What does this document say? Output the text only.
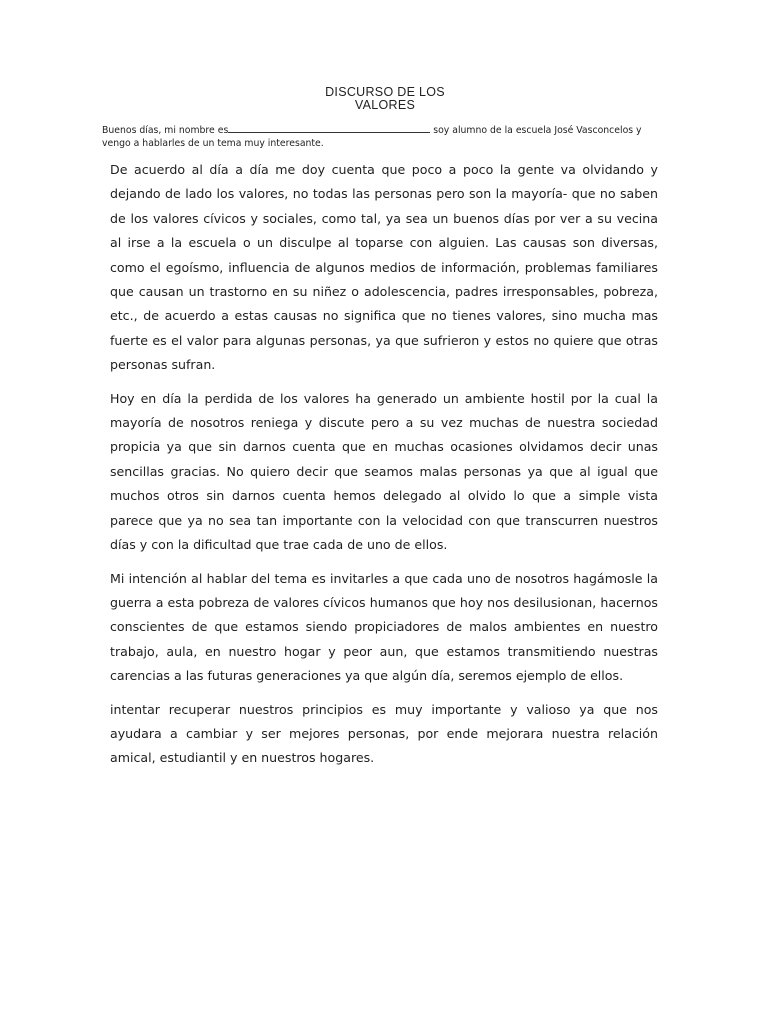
DISCURSO DE LOS
VALORES
Buenos días, mi nombre es	soy alumno de la escuela José Vasconcelos y vengo a hablarles de un tema muy interesante.

De acuerdo al día a día me doy cuenta que poco a poco la gente va olvidando y dejando de lado los valores, no todas las personas pero son la mayoría- que no saben de los valores cívicos y sociales, como tal, ya sea un buenos días por ver a su vecina al irse a la escuela o un disculpe al toparse con alguien. Las causas son diversas, como el egoísmo, influencia de algunos medios de información, problemas familiares que causan un trastorno en su niñez o adolescencia, padres irresponsables, pobreza, etc., de acuerdo a estas causas no significa que no tienes valores, sino mucha mas fuerte es el valor para algunas personas, ya que sufrieron y estos no quiere que otras personas sufran.

Hoy en día la perdida de los valores ha generado un ambiente hostil por la cual la mayoría de nosotros reniega y discute pero a su vez muchas de nuestra sociedad propicia ya que sin darnos cuenta que en muchas ocasiones olvidamos decir unas sencillas gracias. No quiero decir que seamos malas personas ya que al igual que muchos otros sin darnos cuenta hemos delegado al olvido lo que a simple vista parece que ya no sea tan importante con la velocidad con que transcurren nuestros días y con la dificultad que trae cada de uno de ellos.

Mi intención al hablar del tema es invitarles a que cada uno de nosotros hagámosle la guerra a esta pobreza de valores cívicos humanos que hoy nos desilusionan, hacernos conscientes de que estamos siendo propiciadores de malos ambientes en nuestro trabajo, aula, en nuestro hogar y peor aun, que estamos transmitiendo nuestras carencias a las futuras generaciones ya que algún día, seremos ejemplo de ellos.

intentar recuperar nuestros principios es muy importante y valioso ya que nos ayudara a cambiar y ser mejores personas, por ende mejorara nuestra relación amical, estudiantil y en nuestros hogares.
